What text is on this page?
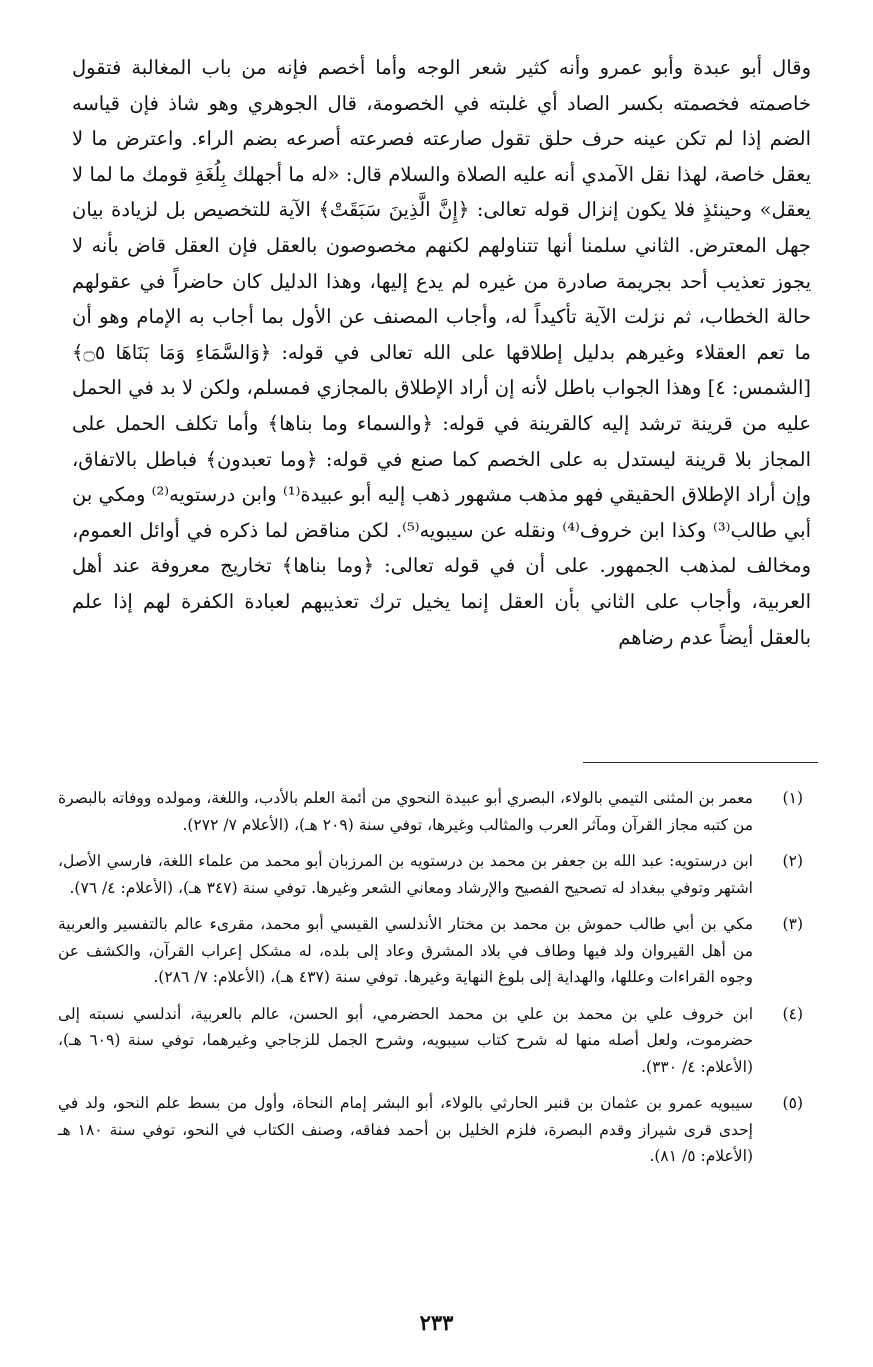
وقال أبو عبدة وأبو عمرو وأنه كثير شعر الوجه وأما أخصم فإنه من باب المغالبة فتقول خاصمته فخصمته بكسر الصاد أي غلبته في الخصومة، قال الجوهري وهو شاذ فإن قياسه الضم إذا لم تكن عينه حرف حلق تقول صارعته فصرعته أصرعه بضم الراء. واعترض ما لا يعقل خاصة، لهذا نقل الآمدي أنه عليه الصلاة والسلام قال: «له ما أجهلك بِلُغَةِ قومك ما لما لا يعقل» وحينئذٍ فلا يكون إنزال قوله تعالى: ﴿إِنَّ الَّذِينَ سَبَقَتْ﴾ الآية للتخصيص بل لزيادة بيان جهل المعترض. الثاني سلمنا أنها تتناولهم لكنهم مخصوصون بالعقل فإن العقل قاض بأنه لا يجوز تعذيب أحد بجريمة صادرة من غيره لم يدع إليها، وهذا الدليل كان حاضراً في عقولهم حالة الخطاب، ثم نزلت الآية تأكيداً له، وأجاب المصنف عن الأول بما أجاب به الإمام وهو أن ما تعم العقلاء وغيرهم بدليل إطلاقها على الله تعالى في قوله: ﴿وَالسَّمَاءِ وَمَا بَنَاهَا ۝٥﴾ [الشمس: ٤] وهذا الجواب باطل لأنه إن أراد الإطلاق بالمجازي فمسلم، ولكن لا بد في الحمل عليه من قرينة ترشد إليه كالقرينة في قوله: ﴿والسماء وما بناها﴾ وأما تكلف الحمل على المجاز بلا قرينة ليستدل به على الخصم كما صنع في قوله: ﴿وما تعبدون﴾ فباطل بالاتفاق، وإن أراد الإطلاق الحقيقي فهو مذهب مشهور ذهب إليه أبو عبيدة⁽¹⁾ وابن درستويه⁽²⁾ ومكي بن أبي طالب⁽³⁾ وكذا ابن خروف⁽⁴⁾ ونقله عن سيبويه⁽⁵⁾. لكن مناقض لما ذكره في أوائل العموم، ومخالف لمذهب الجمهور. على أن في قوله تعالى: ﴿وما بناها﴾ تخاريج معروفة عند أهل العربية، وأجاب على الثاني بأن العقل إنما يخيل ترك تعذيبهم لعبادة الكفرة لهم إذا علم بالعقل أيضاً عدم رضاهم

(١)
معمر بن المثنى التيمي بالولاء، البصري أبو عبيدة النحوي من أئمة العلم بالأدب، واللغة، ومولده ووفاته بالبصرة من كتبه مجاز القرآن ومآثر العرب والمثالب وغيرها، توفي سنة (٢٠٩ هـ)، (الأعلام ٧/ ٢٧٢).
(٢)
ابن درستويه: عبد الله بن جعفر بن محمد بن درستويه بن المرزبان أبو محمد من علماء اللغة، فارسي الأصل، اشتهر وتوفي ببغداد له تصحيح الفصيح والإرشاد ومعاني الشعر وغيرها. توفي سنة (٣٤٧ هـ)، (الأعلام: ٤/ ٧٦).
(٣)
مكي بن أبي طالب حموش بن محمد بن مختار الأندلسي القيسي أبو محمد، مقرىء عالم بالتفسير والعربية من أهل القيروان ولد فيها وطاف في بلاد المشرق وعاد إلى بلده، له مشكل إعراب القرآن، والكشف عن وجوه القراءات وعللها، والهداية إلى بلوغ النهاية وغيرها. توفي سنة (٤٣٧ هـ)، (الأعلام: ٧/ ٢٨٦).
(٤)
ابن خروف علي بن محمد بن علي بن محمد الحضرمي، أبو الحسن، عالم بالعربية، أندلسي نسبته إلى حضرموت، ولعل أصله منها له شرح كتاب سيبويه، وشرح الجمل للزجاجي وغيرهما، توفي سنة (٦٠٩ هـ)، (الأعلام: ٤/ ٣٣٠).
(٥)
سيبويه عمرو بن عثمان بن قنبر الحارثي بالولاء، أبو البشر إمام النحاة، وأول من بسط علم النحو، ولد في إحدى قرى شيراز وقدم البصرة، فلزم الخليل بن أحمد ففاقه، وصنف الكتاب في النحو، توفي سنة ١٨٠ هـ (الأعلام: ٥/ ٨١).
٢٣٣
